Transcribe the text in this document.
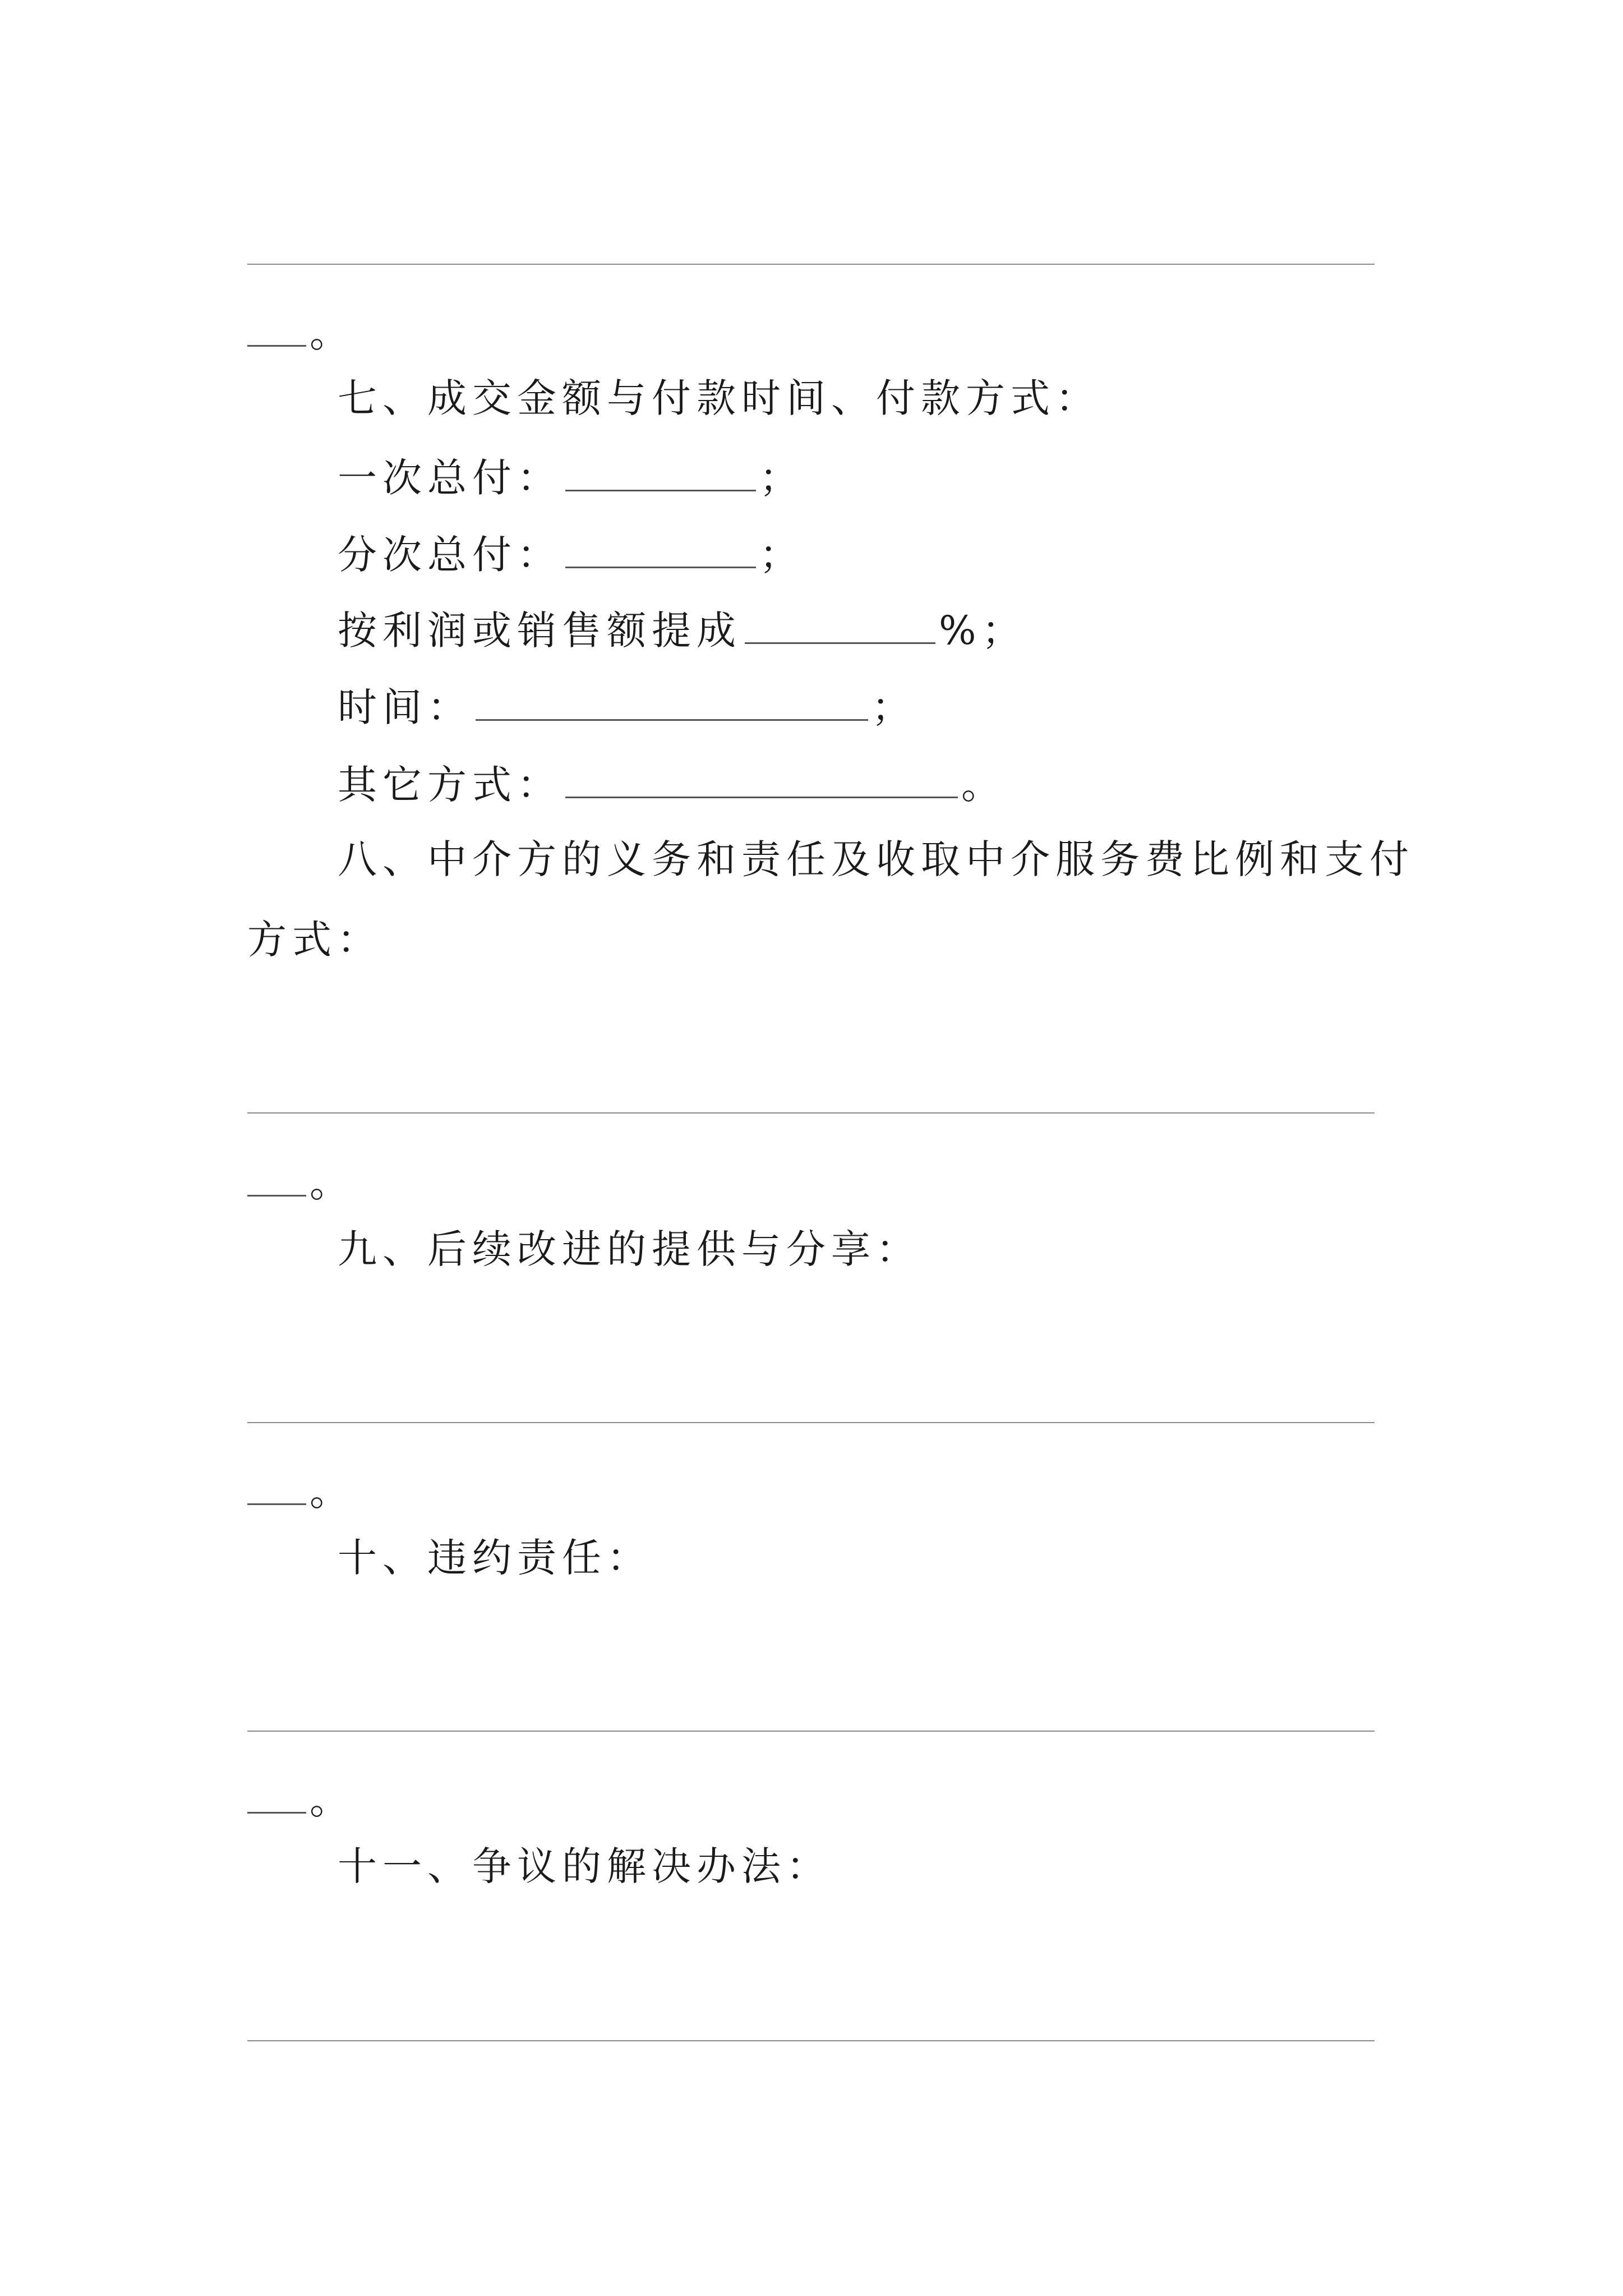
。
七、成交金额与付款时间、付款方式：
一次总付：	；
分次总付：	；
按利润或销售额提成	%；
时间：	；
其它方式：	。
八、中介方的义务和责任及收取中介服务费比例和支付
方式：
。
九、后续改进的提供与分享：
。
十、违约责任：
。
十一、争议的解决办法：
